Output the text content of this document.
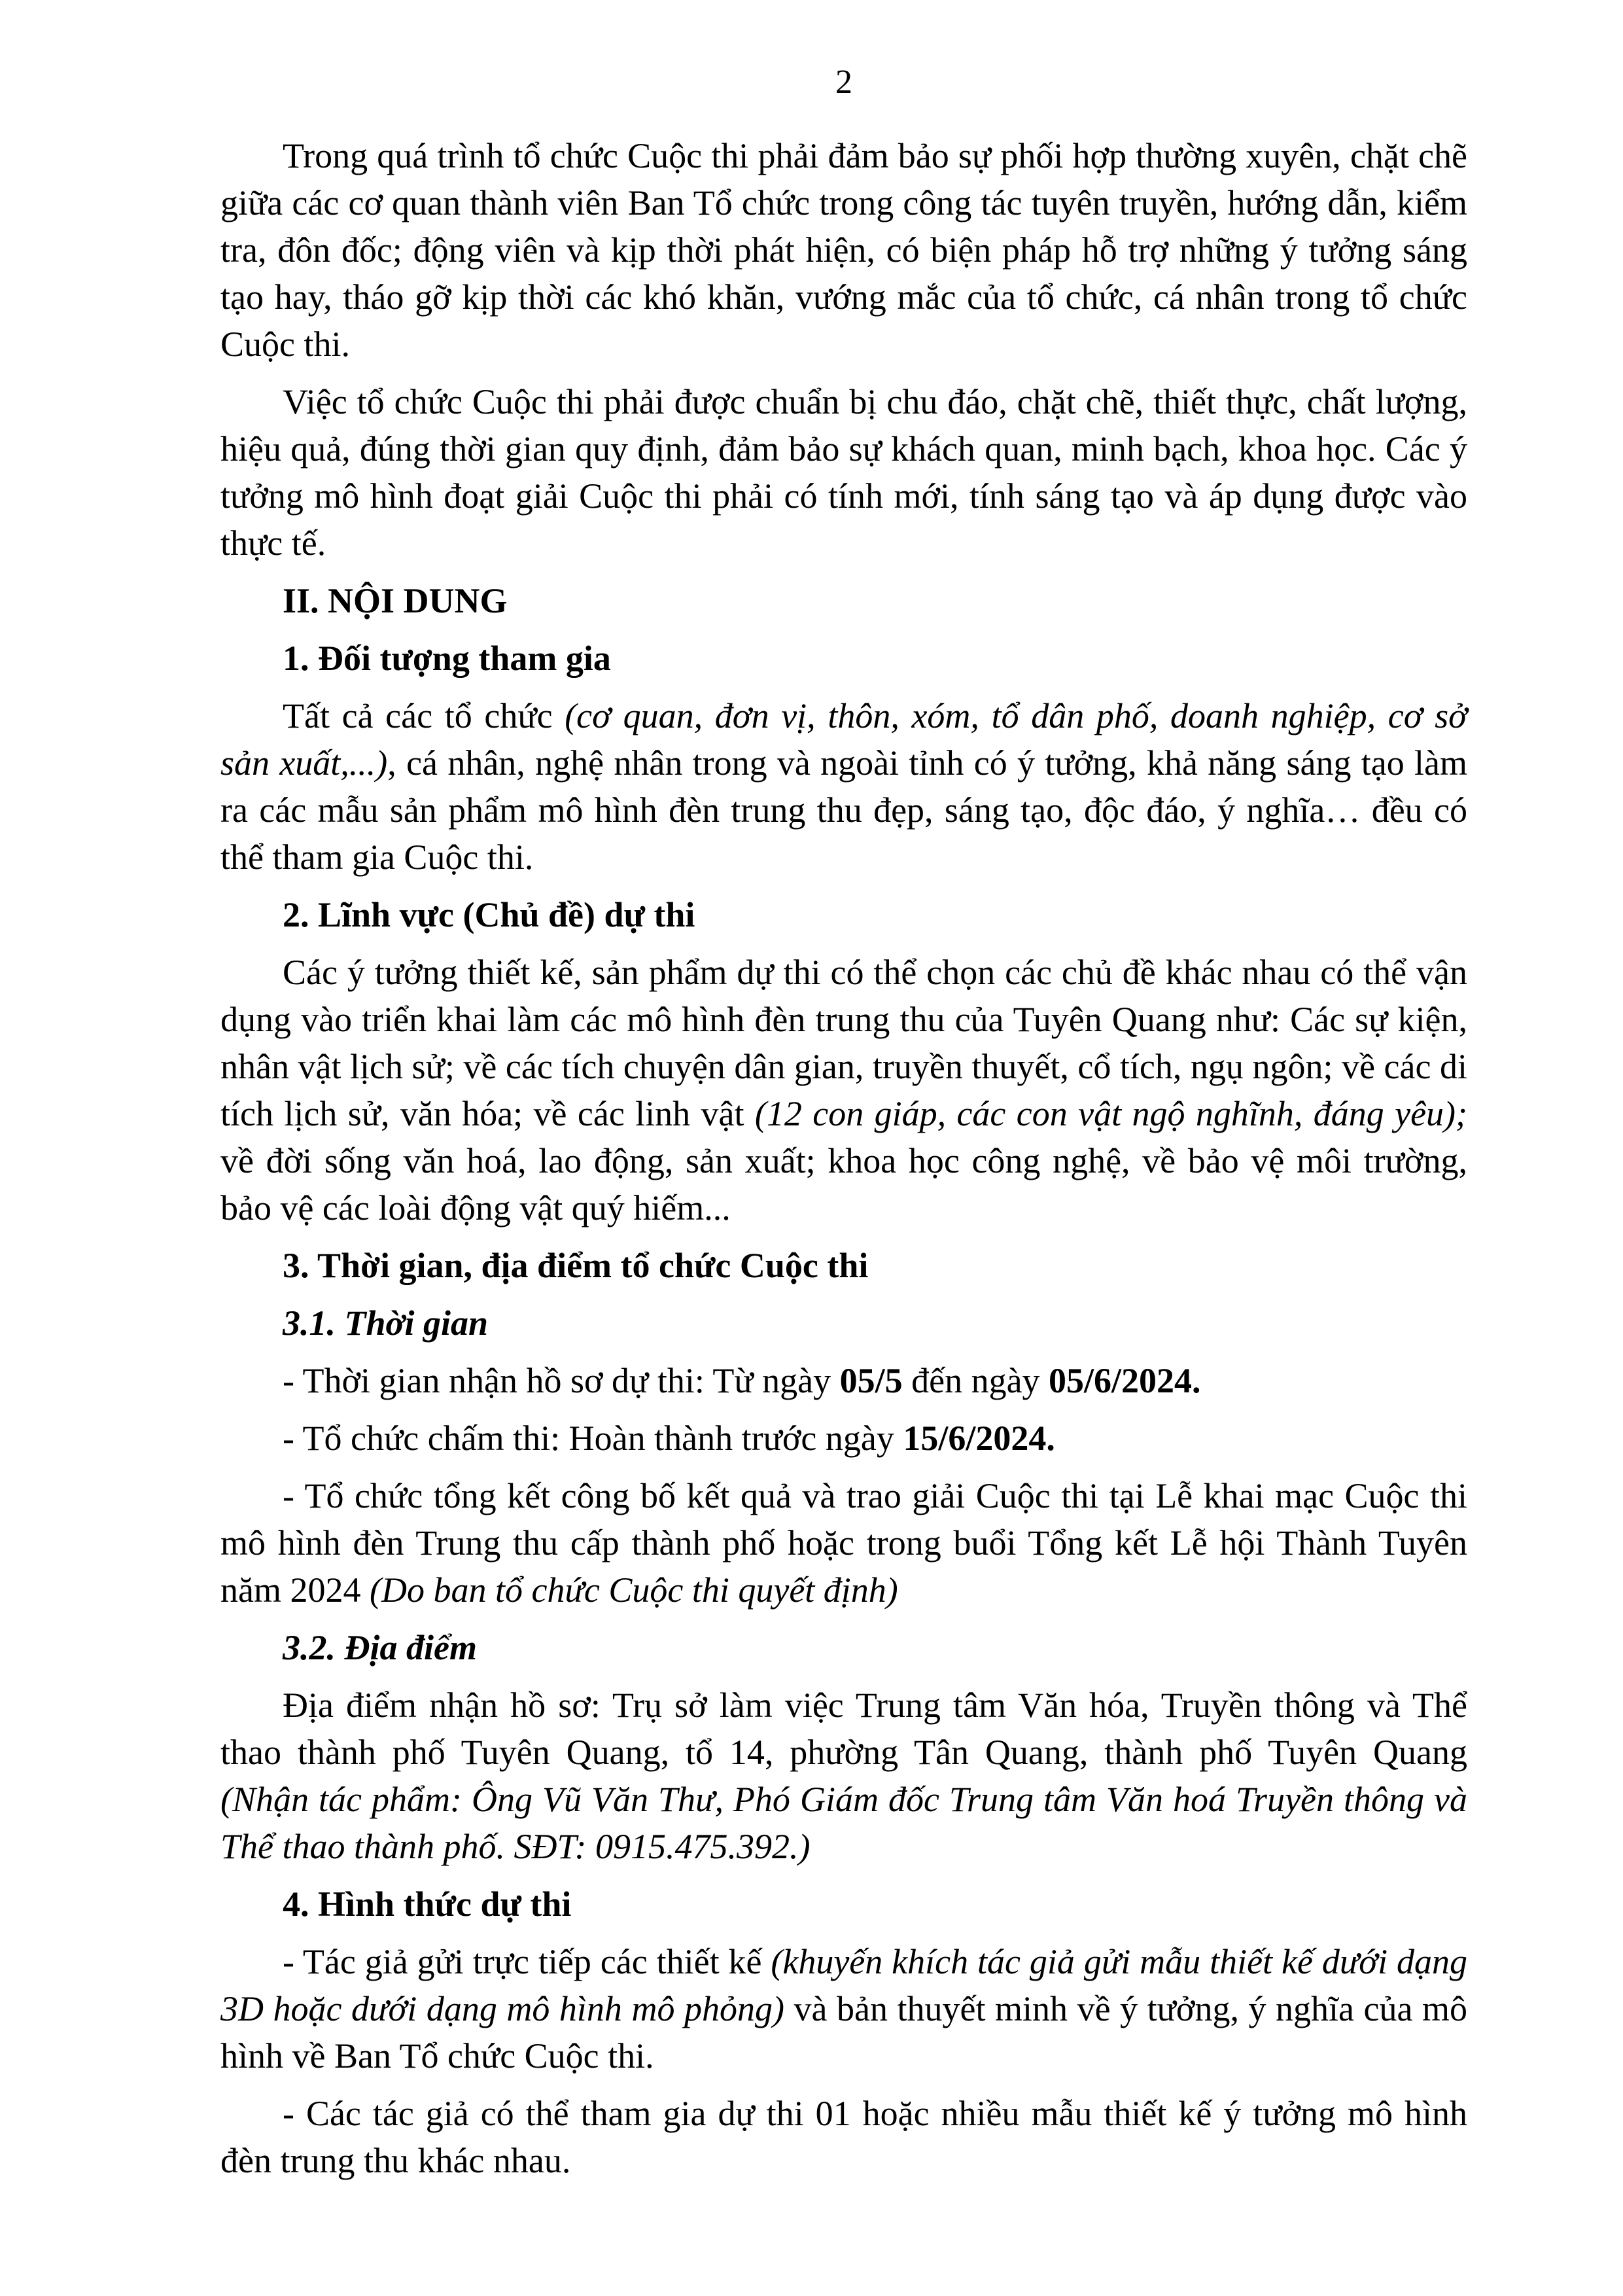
2

Trong quá trình tổ chức Cuộc thi phải đảm bảo sự phối hợp thường xuyên, chặt chẽ giữa các cơ quan thành viên Ban Tổ chức trong công tác tuyên truyền, hướng dẫn, kiểm tra, đôn đốc; động viên và kịp thời phát hiện, có biện pháp hỗ trợ những ý tưởng sáng tạo hay, tháo gỡ kịp thời các khó khăn, vướng mắc của tổ chức, cá nhân trong tổ chức Cuộc thi.

Việc tổ chức Cuộc thi phải được chuẩn bị chu đáo, chặt chẽ, thiết thực, chất lượng, hiệu quả, đúng thời gian quy định, đảm bảo sự khách quan, minh bạch, khoa học. Các ý tưởng mô hình đoạt giải Cuộc thi phải có tính mới, tính sáng tạo và áp dụng được vào thực tế.

II. NỘI DUNG

1. Đối tượng tham gia

Tất cả các tổ chức (cơ quan, đơn vị, thôn, xóm, tổ dân phố, doanh nghiệp, cơ sở sản xuất,...), cá nhân, nghệ nhân trong và ngoài tỉnh có ý tưởng, khả năng sáng tạo làm ra các mẫu sản phẩm mô hình đèn trung thu đẹp, sáng tạo, độc đáo, ý nghĩa… đều có thể tham gia Cuộc thi.

2. Lĩnh vực (Chủ đề) dự thi

Các ý tưởng thiết kế, sản phẩm dự thi có thể chọn các chủ đề khác nhau có thể vận dụng vào triển khai làm các mô hình đèn trung thu của Tuyên Quang như: Các sự kiện, nhân vật lịch sử; về các tích chuyện dân gian, truyền thuyết, cổ tích, ngụ ngôn; về các di tích lịch sử, văn hóa; về các linh vật (12 con giáp, các con vật ngộ nghĩnh, đáng yêu); về đời sống văn hoá, lao động, sản xuất; khoa học công nghệ, về bảo vệ môi trường, bảo vệ các loài động vật quý hiếm...

3. Thời gian, địa điểm tổ chức Cuộc thi

3.1. Thời gian

- Thời gian nhận hồ sơ dự thi: Từ ngày 05/5 đến ngày 05/6/2024.

- Tổ chức chấm thi: Hoàn thành trước ngày 15/6/2024.

- Tổ chức tổng kết công bố kết quả và trao giải Cuộc thi tại Lễ khai mạc Cuộc thi mô hình đèn Trung thu cấp thành phố hoặc trong buổi Tổng kết Lễ hội Thành Tuyên năm 2024 (Do ban tổ chức Cuộc thi quyết định)

3.2. Địa điểm

Địa điểm nhận hồ sơ: Trụ sở làm việc Trung tâm Văn hóa, Truyền thông và Thể thao thành phố Tuyên Quang, tổ 14, phường Tân Quang, thành phố Tuyên Quang (Nhận tác phẩm: Ông Vũ Văn Thư, Phó Giám đốc Trung tâm Văn hoá Truyền thông và Thể thao thành phố. SĐT: 0915.475.392.)

4. Hình thức dự thi

- Tác giả gửi trực tiếp các thiết kế (khuyến khích tác giả gửi mẫu thiết kế dưới dạng 3D hoặc dưới dạng mô hình mô phỏng) và bản thuyết minh về ý tưởng, ý nghĩa của mô hình về Ban Tổ chức Cuộc thi.

- Các tác giả có thể tham gia dự thi 01 hoặc nhiều mẫu thiết kế ý tưởng mô hình đèn trung thu khác nhau.
